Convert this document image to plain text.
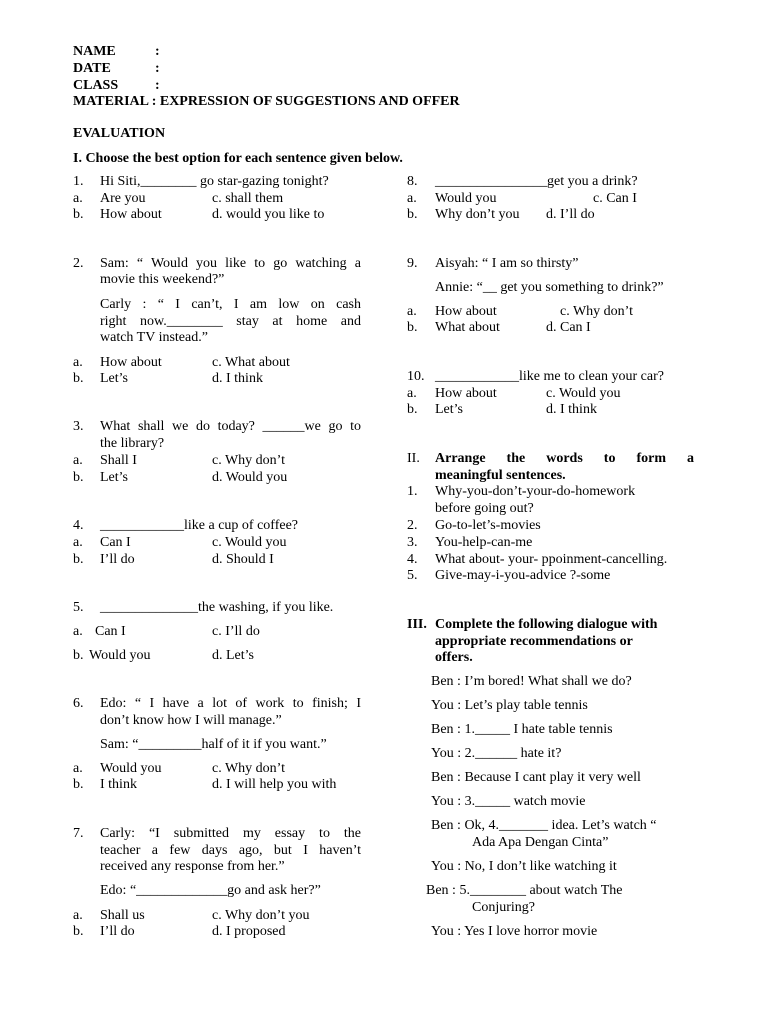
NAME	:
DATE	:
CLASS	:
MATERIAL : EXPRESSION OF SUGGESTIONS AND OFFER
EVALUATION
I. Choose the best option for each sentence given below.
1. Hi Siti,________ go star-gazing tonight?
a. Are you	c. shall them
b. How about	d. would you like to
2. Sam: “ Would you like to go watching a
movie this weekend?”
Carly : “ I can’t, I am low on cash
right now.________ stay at home and
watch TV instead.”
a. How about	c. What about
b. Let’s	d. I think
3. What shall we do today? ______we go to
the library?
a. Shall I	c. Why don’t
b. Let’s	d. Would you
4. ____________like a cup of coffee?
a. Can I	c. Would you
b. I’ll do	d. Should I
5. ______________the washing, if you like.
a. Can I	c. I’ll do
b. Would you	d. Let’s
6. Edo: “ I have a lot of work to finish; I
don’t know how I will manage.”
Sam: “_________half of it if you want.”
a. Would you	c. Why don’t
b. I think	d. I will help you with
7. Carly: “I submitted my essay to the
teacher a few days ago, but I haven’t
received any response from her.”
Edo: “_____________go and ask her?”
a. Shall us	c. Why don’t you
b. I’ll do	d. I proposed
8. ________________get you a drink?
a. Would you	c. Can I
b. Why don’t you d. I’ll do
9. Aisyah: “ I am so thirsty”
Annie: “__ get you something to drink?”
a. How about	c. Why don’t
b. What about	d. Can I
10. ____________like me to clean your car?
a. How about	c. Would you
b. Let’s	d. I think
II. Arrange the words to form a
meaningful sentences.
1. Why-you-don’t-your-do-homework
before going out?
2. Go-to-let’s-movies
3. You-help-can-me
4. What about- your- ppoinment-cancelling.
5. Give-may-i-you-advice ?-some
III. Complete the following dialogue with
appropriate recommendations or
offers.
Ben : I’m bored! What shall we do?
You : Let’s play table tennis
Ben : 1._____ I hate table tennis
You : 2.______ hate it?
Ben : Because I cant play it very well
You : 3._____ watch movie
Ben : Ok, 4._______ idea. Let’s watch “
Ada Apa Dengan Cinta”
You : No, I don’t like watching it
Ben : 5.________ about watch The
Conjuring?
You : Yes I love horror movie
